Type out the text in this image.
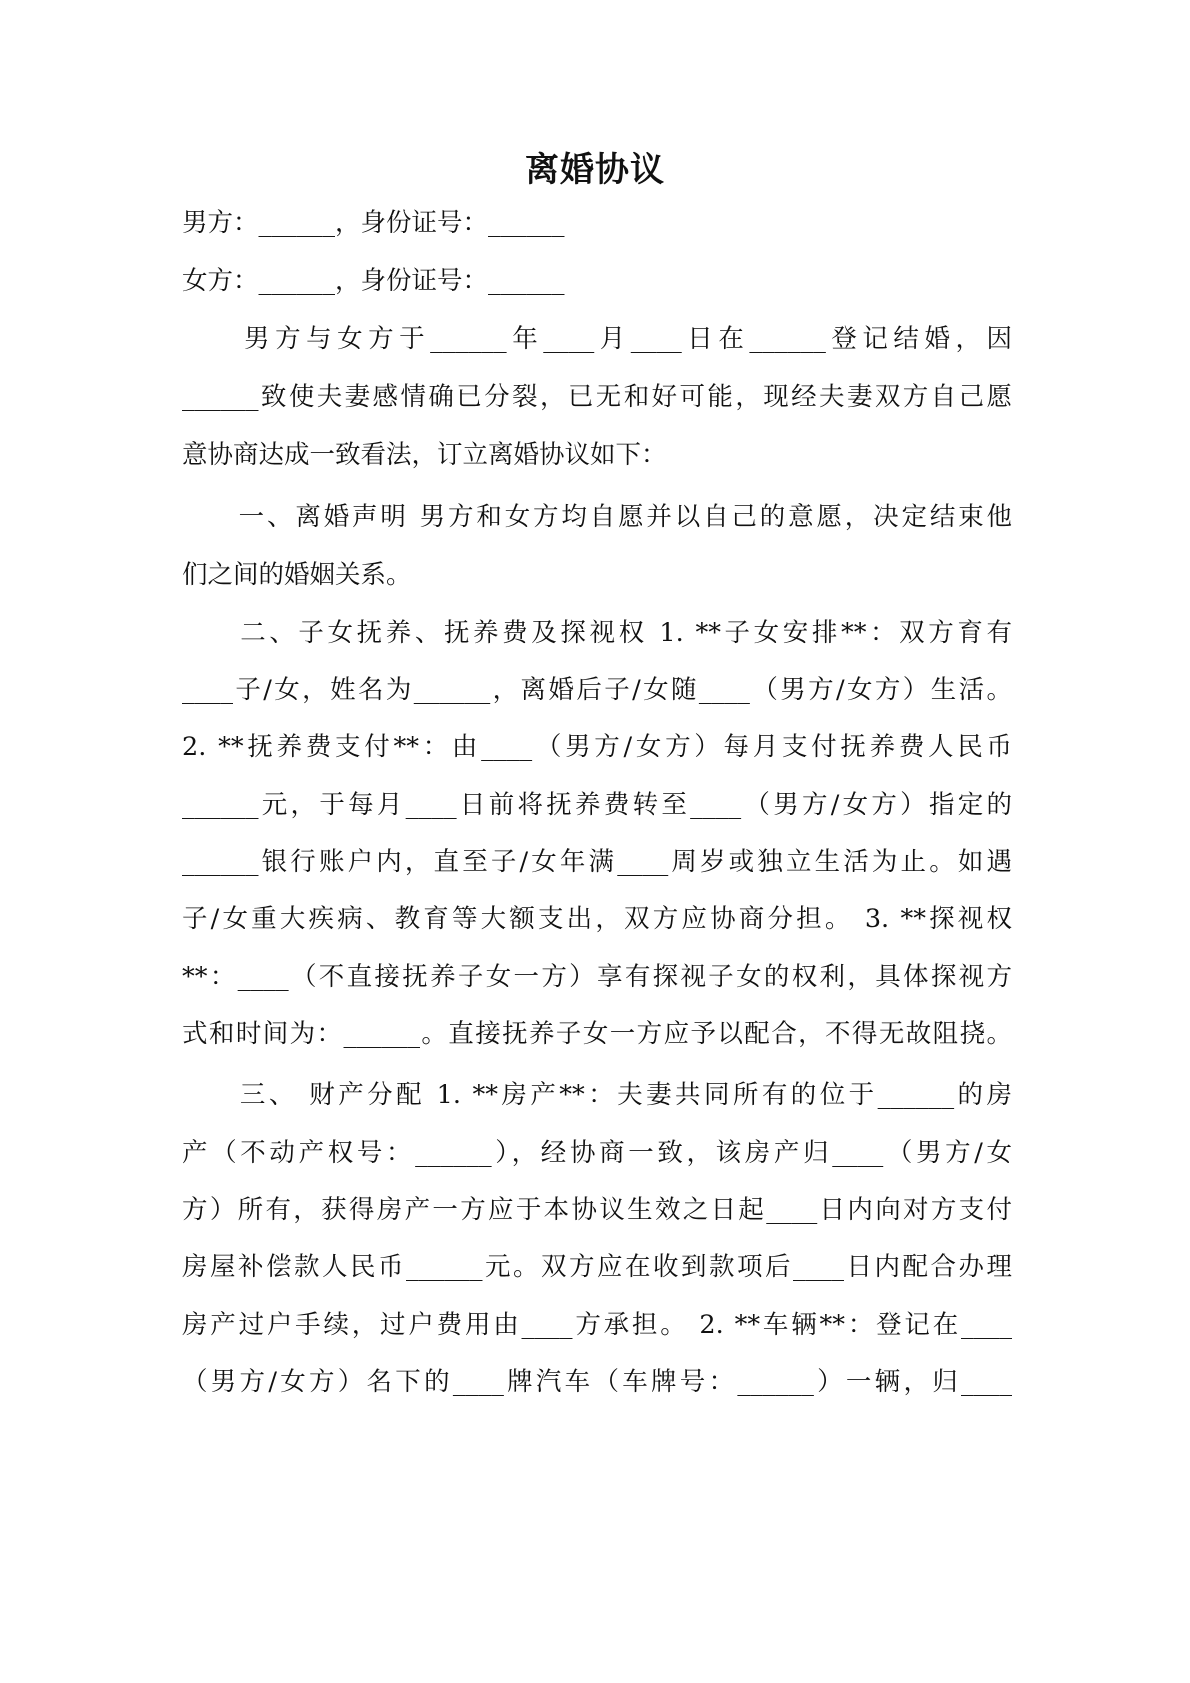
离婚协议
男方：______，身份证号：______
女方：______，身份证号：______
　　男方与女方于______年____月____日在______登记结婚，因
______致使夫妻感情确已分裂，已无和好可能，现经夫妻双方自己愿
意协商达成一致看法，订立离婚协议如下：
　　一、离婚声明 男方和女方均自愿并以自己的意愿，决定结束他
们之间的婚姻关系。
　　二、子女抚养、抚养费及探视权 1. **子女安排**：双方育有
____子/女，姓名为______，离婚后子/女随____（男方/女方）生活。
2. **抚养费支付**：由____（男方/女方）每月支付抚养费人民币
______元，于每月____日前将抚养费转至____（男方/女方）指定的
______银行账户内，直至子/女年满____周岁或独立生活为止。如遇
子/女重大疾病、教育等大额支出，双方应协商分担。 3. **探视权
**：____（不直接抚养子女一方）享有探视子女的权利，具体探视方
式和时间为：______。直接抚养子女一方应予以配合，不得无故阻挠。
　　三、 财产分配 1. **房产**：夫妻共同所有的位于______的房
产（不动产权号：______），经协商一致，该房产归____（男方/女
方）所有，获得房产一方应于本协议生效之日起____日内向对方支付
房屋补偿款人民币______元。双方应在收到款项后____日内配合办理
房产过户手续，过户费用由____方承担。 2. **车辆**：登记在____
（男方/女方）名下的____牌汽车（车牌号：______）一辆，归____
